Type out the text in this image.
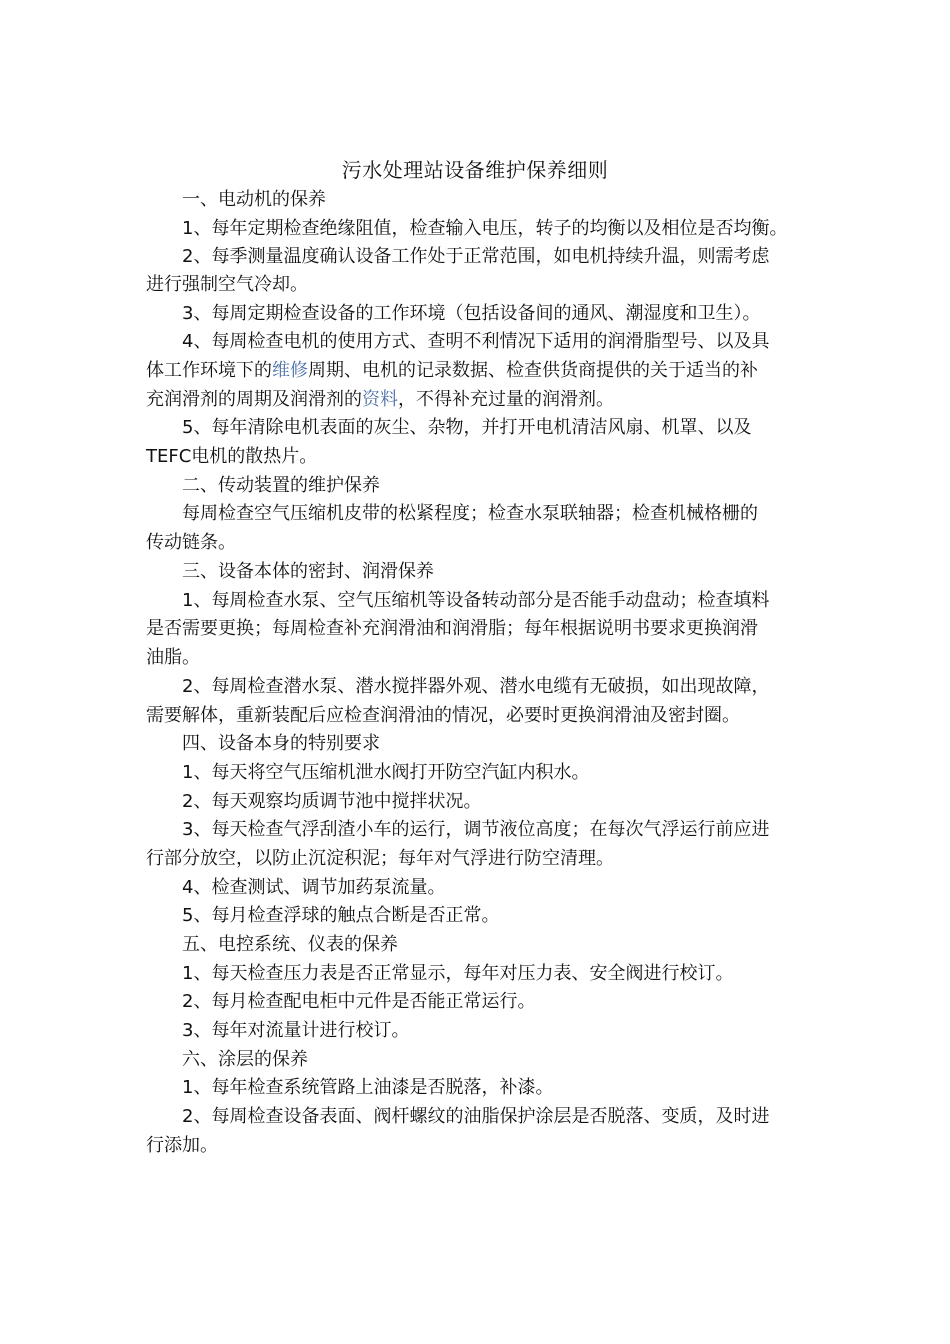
污水处理站设备维护保养细则
一、电动机的保养
1、每年定期检查绝缘阻值，检查输入电压，转子的均衡以及相位是否均衡。
2、每季测量温度确认设备工作处于正常范围，如电机持续升温，则需考虑
进行强制空气冷却。
3、每周定期检查设备的工作环境（包括设备间的通风、潮湿度和卫生）。
4、每周检查电机的使用方式、查明不利情况下适用的润滑脂型号、以及具
体工作环境下的维修周期、电机的记录数据、检查供货商提供的关于适当的补
充润滑剂的周期及润滑剂的资料，不得补充过量的润滑剂。
5、每年清除电机表面的灰尘、杂物，并打开电机清洁风扇、机罩、以及
TEFC电机的散热片。
二、传动装置的维护保养
每周检查空气压缩机皮带的松紧程度；检查水泵联轴器；检查机械格栅的
传动链条。
三、设备本体的密封、润滑保养
1、每周检查水泵、空气压缩机等设备转动部分是否能手动盘动；检查填料
是否需要更换；每周检查补充润滑油和润滑脂；每年根据说明书要求更换润滑
油脂。
2、每周检查潜水泵、潜水搅拌器外观、潜水电缆有无破损，如出现故障，
需要解体，重新装配后应检查润滑油的情况，必要时更换润滑油及密封圈。
四、设备本身的特别要求
1、每天将空气压缩机泄水阀打开防空汽缸内积水。
2、每天观察均质调节池中搅拌状况。
3、每天检查气浮刮渣小车的运行，调节液位高度；在每次气浮运行前应进
行部分放空，以防止沉淀积泥；每年对气浮进行防空清理。
4、检查测试、调节加药泵流量。
5、每月检查浮球的触点合断是否正常。
五、电控系统、仪表的保养
1、每天检查压力表是否正常显示，每年对压力表、安全阀进行校订。
2、每月检查配电柜中元件是否能正常运行。
3、每年对流量计进行校订。
六、涂层的保养
1、每年检查系统管路上油漆是否脱落，补漆。
2、每周检查设备表面、阀杆螺纹的油脂保护涂层是否脱落、变质，及时进
行添加。
